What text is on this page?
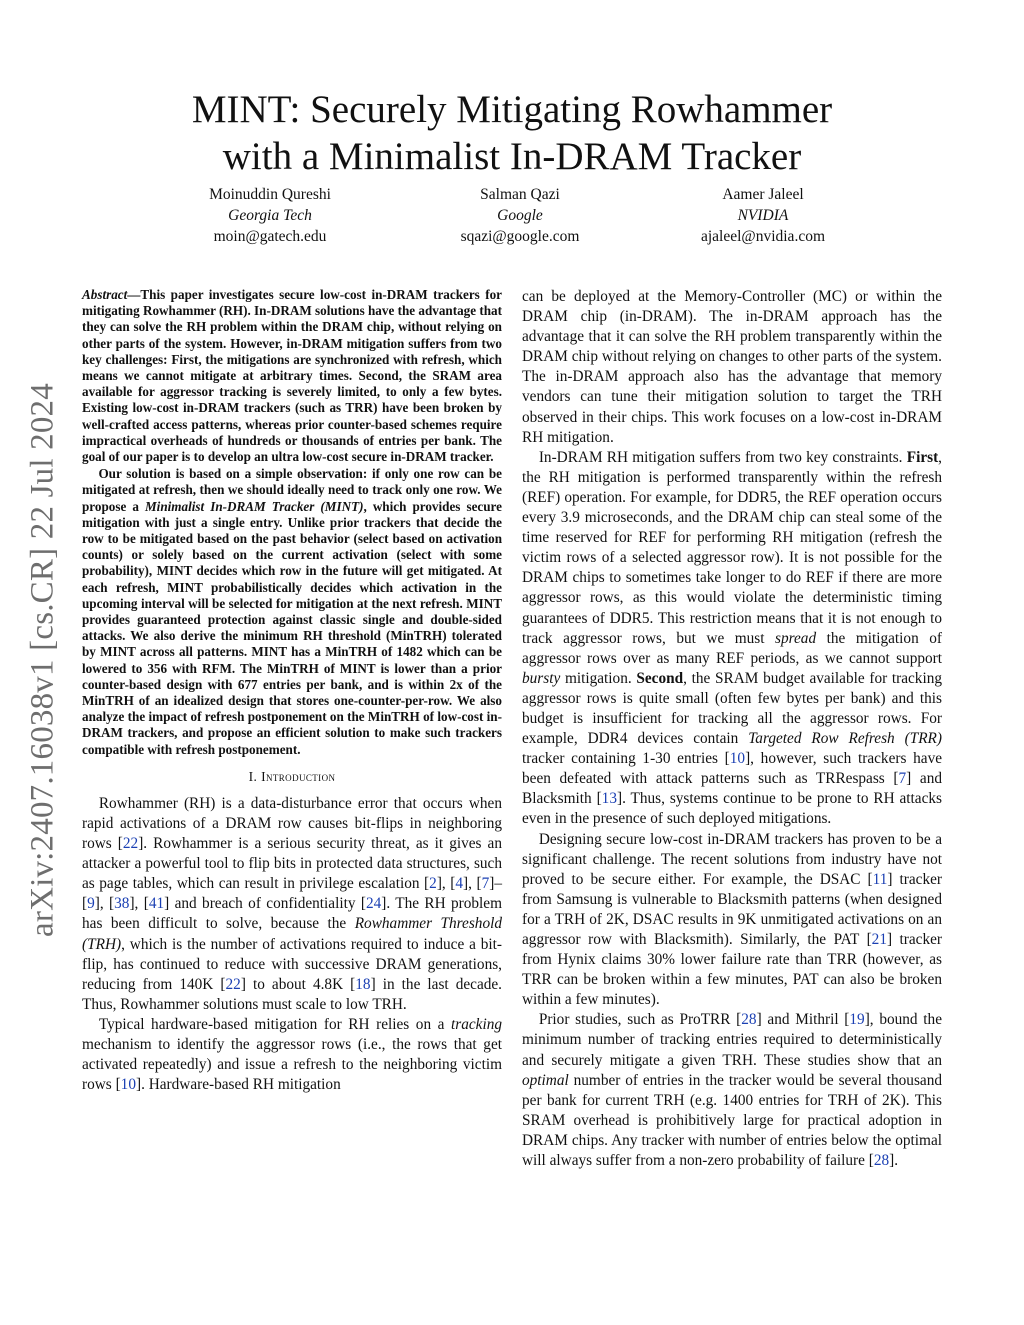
arXiv:2407.16038v1 [cs.CR] 22 Jul 2024
MINT: Securely Mitigating Rowhammer
with a Minimalist In-DRAM Tracker
Moinuddin Qureshi
Georgia Tech
moin@gatech.edu
Salman Qazi
Google
sqazi@google.com
Aamer Jaleel
NVIDIA
ajaleel@nvidia.com

Abstract—This paper investigates secure low-cost in-DRAM trackers for mitigating Rowhammer (RH). In-DRAM solutions have the advantage that they can solve the RH problem within the DRAM chip, without relying on other parts of the system. However, in-DRAM mitigation suffers from two key challenges: First, the mitigations are synchronized with refresh, which means we cannot mitigate at arbitrary times. Second, the SRAM area available for aggressor tracking is severely limited, to only a few bytes. Existing low-cost in-DRAM trackers (such as TRR) have been broken by well-crafted access patterns, whereas prior counter-based schemes require impractical overheads of hundreds or thousands of entries per bank. The goal of our paper is to develop an ultra low-cost secure in-DRAM tracker.

Our solution is based on a simple observation: if only one row can be mitigated at refresh, then we should ideally need to track only one row. We propose a Minimalist In-DRAM Tracker (MINT), which provides secure mitigation with just a single entry. Unlike prior trackers that decide the row to be mitigated based on the past behavior (select based on activation counts) or solely based on the current activation (select with some probability), MINT decides which row in the future will get mitigated. At each refresh, MINT probabilistically decides which activation in the upcoming interval will be selected for mitigation at the next refresh. MINT provides guaranteed protection against classic single and double-sided attacks. We also derive the minimum RH threshold (MinTRH) tolerated by MINT across all patterns. MINT has a MinTRH of 1482 which can be lowered to 356 with RFM. The MinTRH of MINT is lower than a prior counter-based design with 677 entries per bank, and is within 2x of the MinTRH of an idealized design that stores one-counter-per-row. We also analyze the impact of refresh postponement on the MinTRH of low-cost in-DRAM trackers, and propose an efficient solution to make such trackers compatible with refresh postponement.

I. Introduction

Rowhammer (RH) is a data-disturbance error that occurs when rapid activations of a DRAM row causes bit-flips in neighboring rows [22]. Rowhammer is a serious security threat, as it gives an attacker a powerful tool to flip bits in protected data structures, such as page tables, which can result in privilege escalation [2], [4], [7]–[9], [38], [41] and breach of confidentiality [24]. The RH problem has been difficult to solve, because the Rowhammer Threshold (TRH), which is the number of activations required to induce a bit-flip, has continued to reduce with successive DRAM generations, reducing from 140K [22] to about 4.8K [18] in the last decade. Thus, Rowhammer solutions must scale to low TRH.

Typical hardware-based mitigation for RH relies on a tracking mechanism to identify the aggressor rows (i.e., the rows that get activated repeatedly) and issue a refresh to the neighboring victim rows [10]. Hardware-based RH mitigation

can be deployed at the Memory-Controller (MC) or within the DRAM chip (in-DRAM). The in-DRAM approach has the advantage that it can solve the RH problem transparently within the DRAM chip without relying on changes to other parts of the system. The in-DRAM approach also has the advantage that memory vendors can tune their mitigation solution to target the TRH observed in their chips. This work focuses on a low-cost in-DRAM RH mitigation.

In-DRAM RH mitigation suffers from two key constraints. First, the RH mitigation is performed transparently within the refresh (REF) operation. For example, for DDR5, the REF operation occurs every 3.9 microseconds, and the DRAM chip can steal some of the time reserved for REF for performing RH mitigation (refresh the victim rows of a selected aggressor row). It is not possible for the DRAM chips to sometimes take longer to do REF if there are more aggressor rows, as this would violate the deterministic timing guarantees of DDR5. This restriction means that it is not enough to track aggressor rows, but we must spread the mitigation of aggressor rows over as many REF periods, as we cannot support bursty mitigation. Second, the SRAM budget available for tracking aggressor rows is quite small (often few bytes per bank) and this budget is insufficient for tracking all the aggressor rows. For example, DDR4 devices contain Targeted Row Refresh (TRR) tracker containing 1-30 entries [10], however, such trackers have been defeated with attack patterns such as TRRespass [7] and Blacksmith [13]. Thus, systems continue to be prone to RH attacks even in the presence of such deployed mitigations.

Designing secure low-cost in-DRAM trackers has proven to be a significant challenge. The recent solutions from industry have not proved to be secure either. For example, the DSAC [11] tracker from Samsung is vulnerable to Blacksmith patterns (when designed for a TRH of 2K, DSAC results in 9K unmitigated activations on an aggressor row with Blacksmith). Similarly, the PAT [21] tracker from Hynix claims 30% lower failure rate than TRR (however, as TRR can be broken within a few minutes, PAT can also be broken within a few minutes).

Prior studies, such as ProTRR [28] and Mithril [19], bound the minimum number of tracking entries required to deterministically and securely mitigate a given TRH. These studies show that an optimal number of entries in the tracker would be several thousand per bank for current TRH (e.g. 1400 entries for TRH of 2K). This SRAM overhead is prohibitively large for practical adoption in DRAM chips. Any tracker with number of entries below the optimal will always suffer from a non-zero probability of failure [28].
